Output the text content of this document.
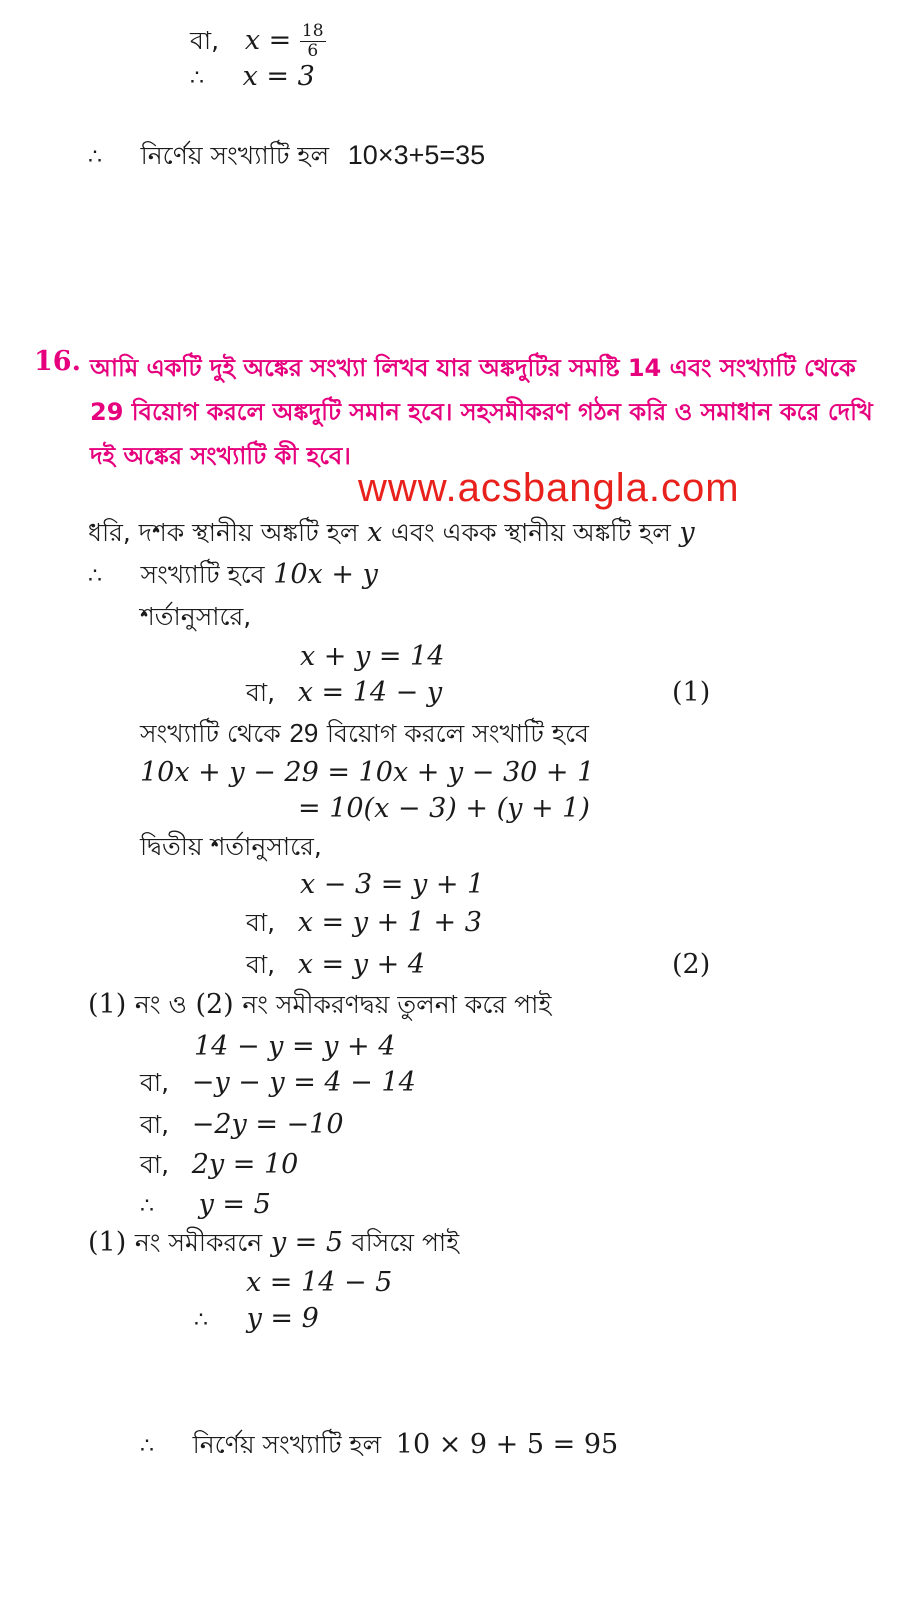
বা, $x = \frac{18}{6}$
∴ x = 3
∴ নির্ণেয় সংখ্যাটি হল 10×3+5=35
16. আমি একটি দুই অঙ্কের সংখ্যা লিখব যার অঙ্কদুটির সমষ্টি 14 এবং সংখ্যাটি থেকে 29 বিয়োগ করলে অঙ্কদুটি সমান হবে। সহসমীকরণ গঠন করি ও সমাধান করে দেখি দই অঙ্কের সংখ্যাটি কী হবে।
www.acsbangla.com
ধরি, দশক স্থানীয় অঙ্কটি হল x এবং একক স্থানীয় অঙ্কটি হল y
∴ সংখ্যাটি হবে 10x + y
শর্তানুসারে,
x + y = 14
বা, x = 14 − y	(1)
সংখ্যাটি থেকে 29 বিয়োগ করলে সংখাটি হবে
10x + y − 29 = 10x + y − 30 + 1
= 10(x − 3) + (y + 1)
দ্বিতীয় শর্তানুসারে,
x − 3 = y + 1
বা, x = y + 1 + 3
বা, x = y + 4	(2)
(1) নং ও (2) নং সমীকরণদ্বয় তুলনা করে পাই
14 − y = y + 4
বা, −y − y = 4 − 14
বা, −2y = −10
বা, 2y = 10
∴ y = 5
(1) নং সমীকরনে y = 5 বসিয়ে পাই
x = 14 − 5
∴ y = 9
∴ নির্ণেয় সংখ্যাটি হল 10 × 9 + 5 = 95
